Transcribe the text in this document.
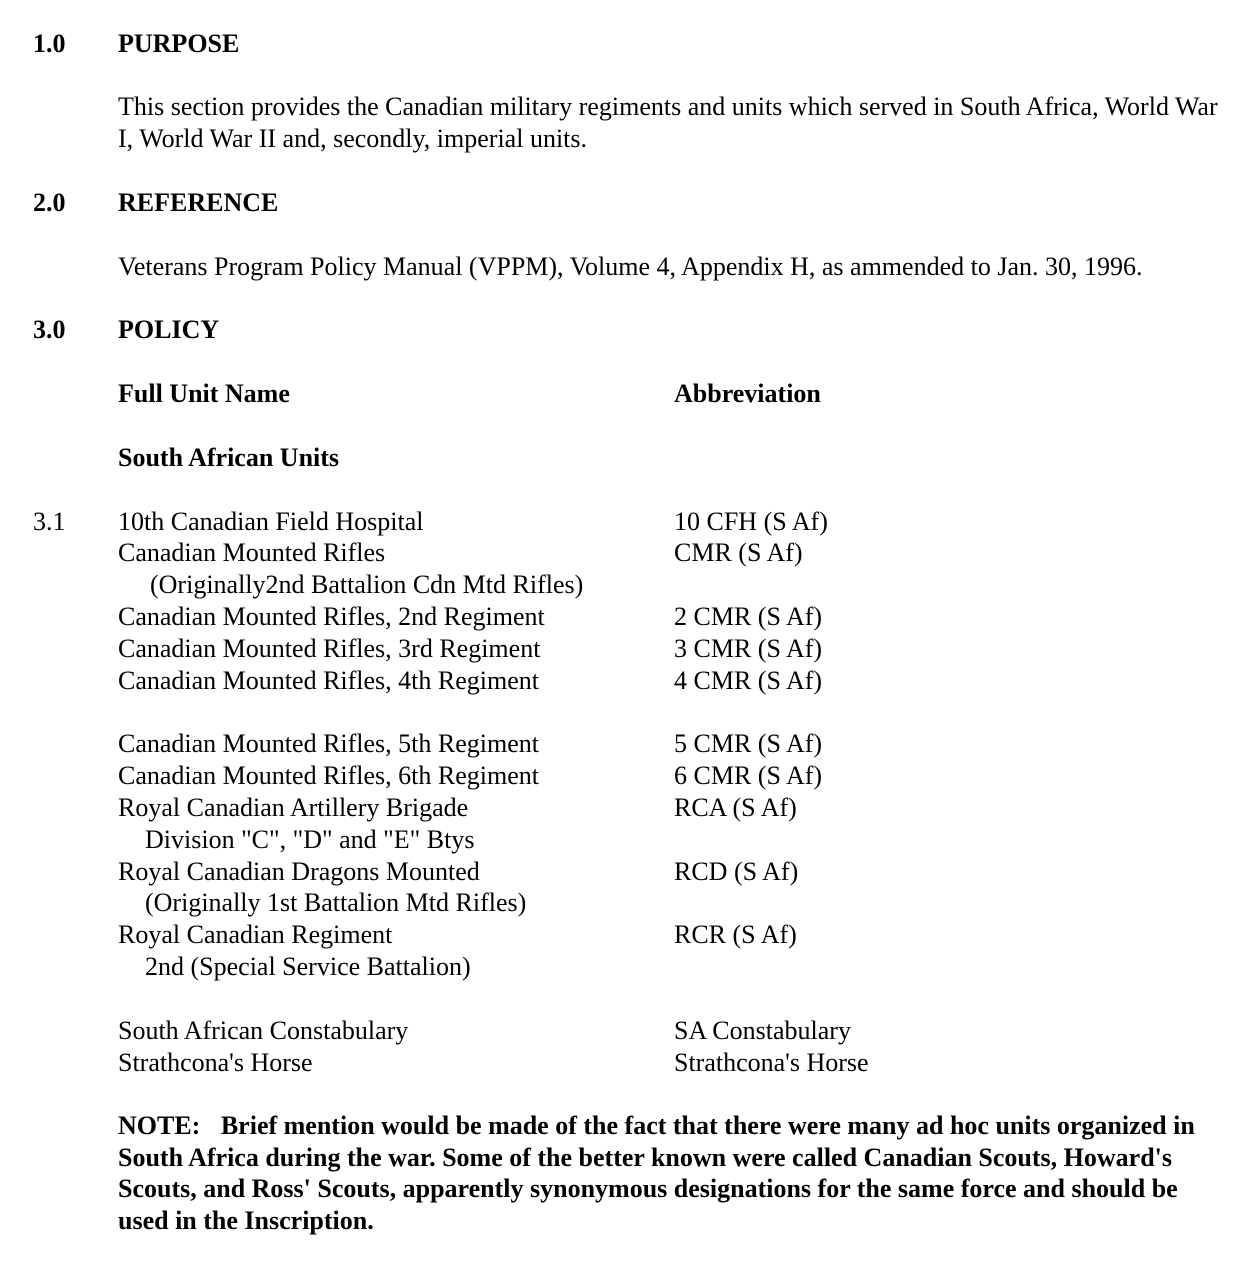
1.0 PURPOSE
This section provides the Canadian military regiments and units which served in South Africa, World War I, World War II and, secondly, imperial units.
2.0 REFERENCE
Veterans Program Policy Manual (VPPM), Volume 4, Appendix H, as ammended to Jan. 30, 1996.
3.0 POLICY
Full Unit Name	Abbreviation
South African Units
3.1 10th Canadian Field Hospital	10 CFH (S Af)
Canadian Mounted Rifles	CMR (S Af)
(Originally2nd Battalion Cdn Mtd Rifles)
Canadian Mounted Rifles, 2nd Regiment	2 CMR (S Af)
Canadian Mounted Rifles, 3rd Regiment	3 CMR (S Af)
Canadian Mounted Rifles, 4th Regiment	4 CMR (S Af)
Canadian Mounted Rifles, 5th Regiment	5 CMR (S Af)
Canadian Mounted Rifles, 6th Regiment	6 CMR (S Af)
Royal Canadian Artillery Brigade	RCA (S Af)
Division "C", "D" and "E" Btys
Royal Canadian Dragons Mounted	RCD (S Af)
(Originally 1st Battalion Mtd Rifles)
Royal Canadian Regiment	RCR (S Af)
2nd (Special Service Battalion)
South African Constabulary	SA Constabulary
Strathcona's Horse	Strathcona's Horse
NOTE: Brief mention would be made of the fact that there were many ad hoc units organized in South Africa during the war. Some of the better known were called Canadian Scouts, Howard's Scouts, and Ross' Scouts, apparently synonymous designations for the same force and should be used in the Inscription.
